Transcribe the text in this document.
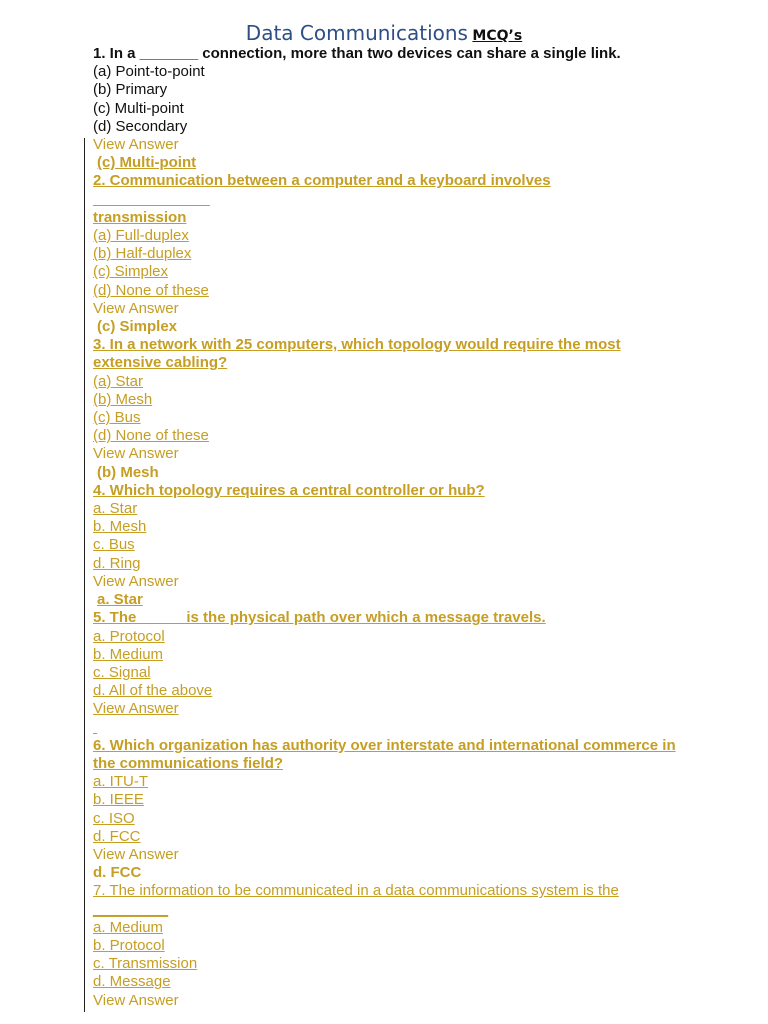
Data Communications MCQ’s
1. In a _______ connection, more than two devices can share a single link.
(a) Point-to-point
(b) Primary
(c) Multi-point
(d) Secondary
View Answer
(c) Multi-point
2. Communication between a computer and a keyboard involves
______________
transmission
(a) Full-duplex
(b) Half-duplex
(c) Simplex
(d) None of these
View Answer
(c) Simplex
3. In a network with 25 computers, which topology would require the most
extensive cabling?
(a) Star
(b) Mesh
(c) Bus
(d) None of these
View Answer
(b) Mesh
4. Which topology requires a central controller or hub?
a. Star
b. Mesh
c. Bus
d. Ring
View Answer
a. Star
5. The            is the physical path over which a message travels.
a. Protocol
b. Medium
c. Signal
d. All of the above
View Answer

6. Which organization has authority over interstate and international commerce in
the communications field?
a. ITU-T
b. IEEE
c. ISO
d. FCC
View Answer
d. FCC
7. The information to be communicated in a data communications system is the
_________
a. Medium
b. Protocol
c. Transmission
d. Message
View Answer
